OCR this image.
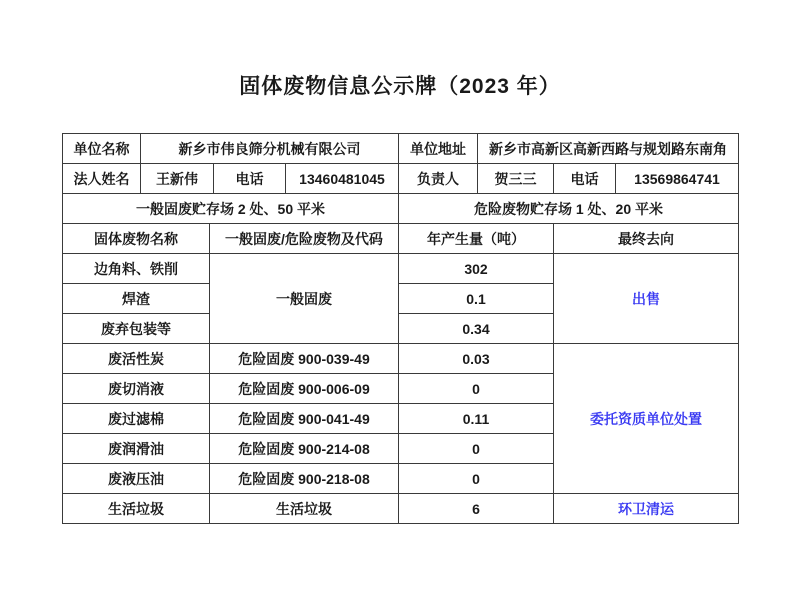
固体废物信息公示牌（2023 年）
单位名称	新乡市伟良筛分机械有限公司				单位地址	新乡市高新区高新西路与规划路东南角		
法人姓名	王新伟		电话	13460481045	负责人	贺三三	电话	13569864741
一般固废贮存场 2 处、50 平米					危险废物贮存场 1 处、20 平米			
固体废物名称		一般固废/危险废物及代码			年产生量（吨）		最终去向	
边角料、铁削		一般固废			302		出售	
焊渣					0.1			
废弃包装等					0.34			
废活性炭		危险固废 900-039-49			0.03		委托资质单位处置	
废切消液		危险固废 900-006-09			0			
废过滤棉		危险固废 900-041-49			0.11			
废润滑油		危险固废 900-214-08			0			
废液压油		危险固废 900-218-08			0			
生活垃圾		生活垃圾			6		环卫清运	
